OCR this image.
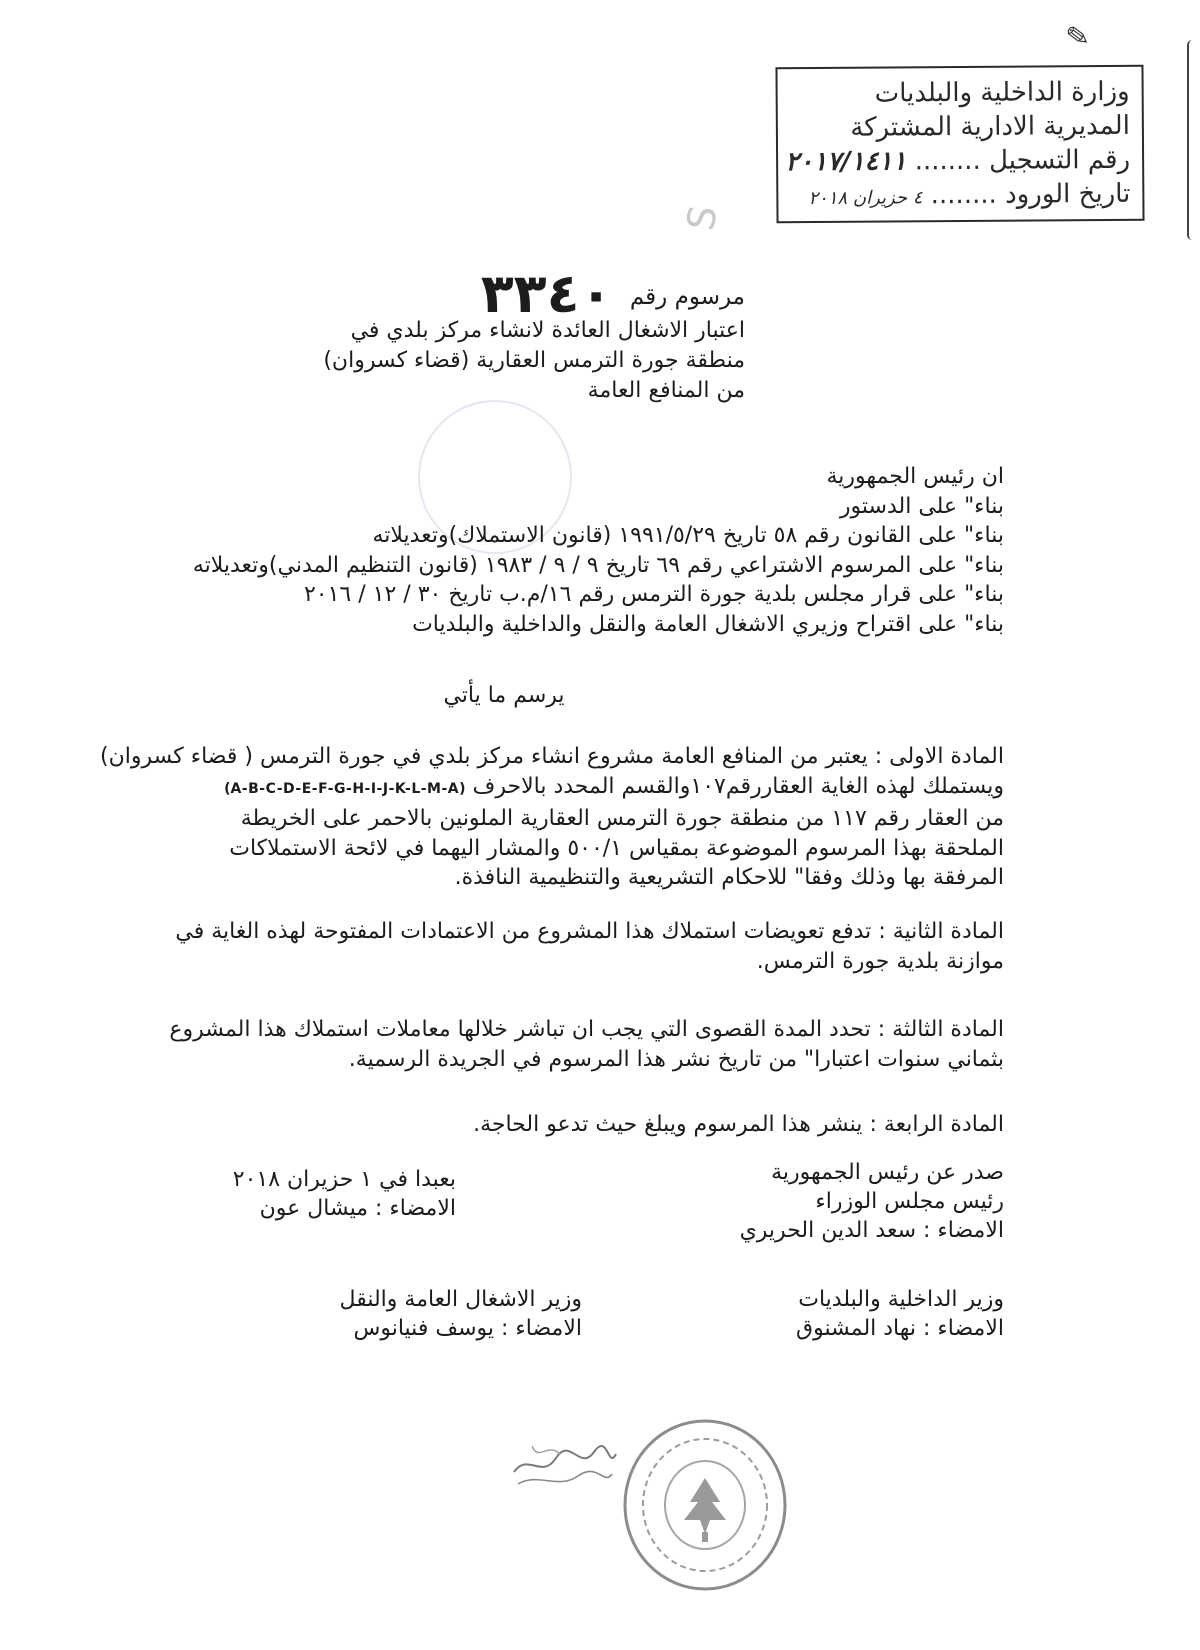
✎
S
وزارة الداخلية والبلديات
المديرية الادارية المشتركة
رقم التسجيل ........ ٢٠١٧/١٤١١
تاريخ الورود ........ ٤ حزيران ٢٠١٨
مرسوم رقم ٣٣٤٠
اعتبار الاشغال العائدة لانشاء مركز بلدي في
منطقة جورة الترمس العقارية (قضاء كسروان)
من المنافع العامة
ان رئيس الجمهورية
بناء" على الدستور
بناء" على القانون رقم ٥٨ تاريخ ١٩٩١/٥/٢٩ (قانون الاستملاك)وتعديلاته
بناء" على المرسوم الاشتراعي رقم ٦٩ تاريخ ٩ / ٩ / ١٩٨٣ (قانون التنظيم المدني)وتعديلاته
بناء" على قرار مجلس بلدية جورة الترمس رقم ١٦/م.ب تاريخ ٣٠ / ١٢ / ٢٠١٦
بناء" على اقتراح وزيري الاشغال العامة والنقل والداخلية والبلديات
يرسم ما يأتي
المادة الاولى : يعتبر من المنافع العامة مشروع انشاء مركز بلدي في جورة الترمس ( قضاء كسروان)
ويستملك لهذه الغاية العقاررقم١٠٧والقسم المحدد بالاحرف (A-B-C-D-E-F-G-H-I-J-K-L-M-A)
من العقار رقم ١١٧ من منطقة جورة الترمس العقارية الملونين بالاحمر على الخريطة
الملحقة بهذا المرسوم الموضوعة بمقياس ٥٠٠/١ والمشار اليهما في لائحة الاستملاكات
المرفقة بها وذلك وفقا" للاحكام التشريعية والتنظيمية النافذة.
المادة الثانية : تدفع تعويضات استملاك هذا المشروع من الاعتمادات المفتوحة لهذه الغاية في
موازنة بلدية جورة الترمس.
المادة الثالثة : تحدد المدة القصوى التي يجب ان تباشر خلالها معاملات استملاك هذا المشروع
بثماني سنوات اعتبارا" من تاريخ نشر هذا المرسوم في الجريدة الرسمية.
المادة الرابعة : ينشر هذا المرسوم ويبلغ حيث تدعو الحاجة.
بعبدا في ١ حزيران ٢٠١٨
الامضاء : ميشال عون
صدر عن رئيس الجمهورية
رئيس مجلس الوزراء
الامضاء : سعد الدين الحريري
وزير الداخلية والبلديات
الامضاء : نهاد المشنوق
وزير الاشغال العامة والنقل
الامضاء : يوسف فنيانوس
